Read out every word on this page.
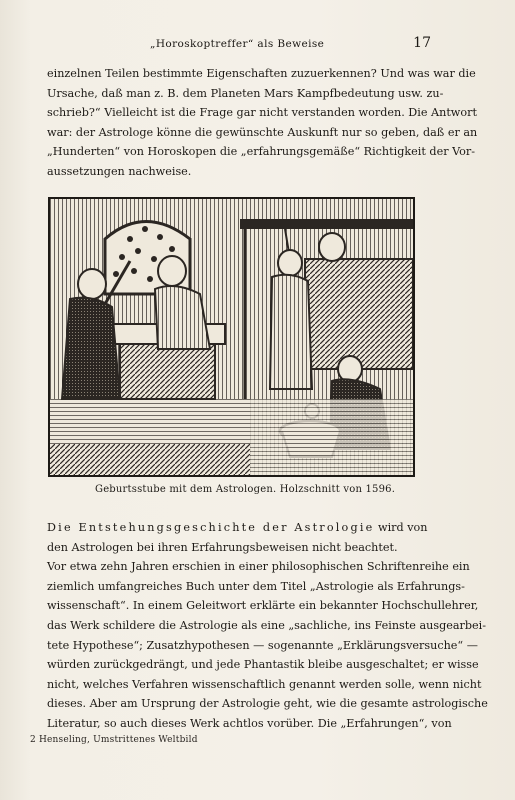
„Horoskoptreffer“ als Beweise	17

einzelnen Teilen bestimmte Eigenschaften zuzuerkennen? Und was war die
Ursache, daß man z. B. dem Planeten Mars Kampfbedeutung usw. zu-
schrieb?“ Vielleicht ist die Frage gar nicht verstanden worden. Die Antwort
war: der Astrologe könne die gewünschte Auskunft nur so geben, daß er an
„Hunderten“ von Horoskopen die „erfahrungsgemäße“ Richtigkeit der Vor-
aussetzungen nachweise.

Geburtsstube mit dem Astrologen. Holzschnitt von 1596.

Die Entstehungsgeschichte der Astrologie wird von
den Astrologen bei ihren Erfahrungsbeweisen nicht beachtet.
Vor etwa zehn Jahren erschien in einer philosophischen Schriftenreihe ein
ziemlich umfangreiches Buch unter dem Titel „Astrologie als Erfahrungs-
wissenschaft“. In einem Geleitwort erklärte ein bekannter Hochschullehrer,
das Werk schildere die Astrologie als eine „sachliche, ins Feinste ausgearbei-
tete Hypothese“; Zusatzhypothesen — sogenannte „Erklärungsversuche“ —
würden zurückgedrängt, und jede Phantastik bleibe ausgeschaltet; er wisse
nicht, welches Verfahren wissenschaftlich genannt werden solle, wenn nicht
dieses. Aber am Ursprung der Astrologie geht, wie die gesamte astrologische
Literatur, so auch dieses Werk achtlos vorüber. Die „Erfahrungen“, von

2 Henseling, Umstrittenes Weltbild
